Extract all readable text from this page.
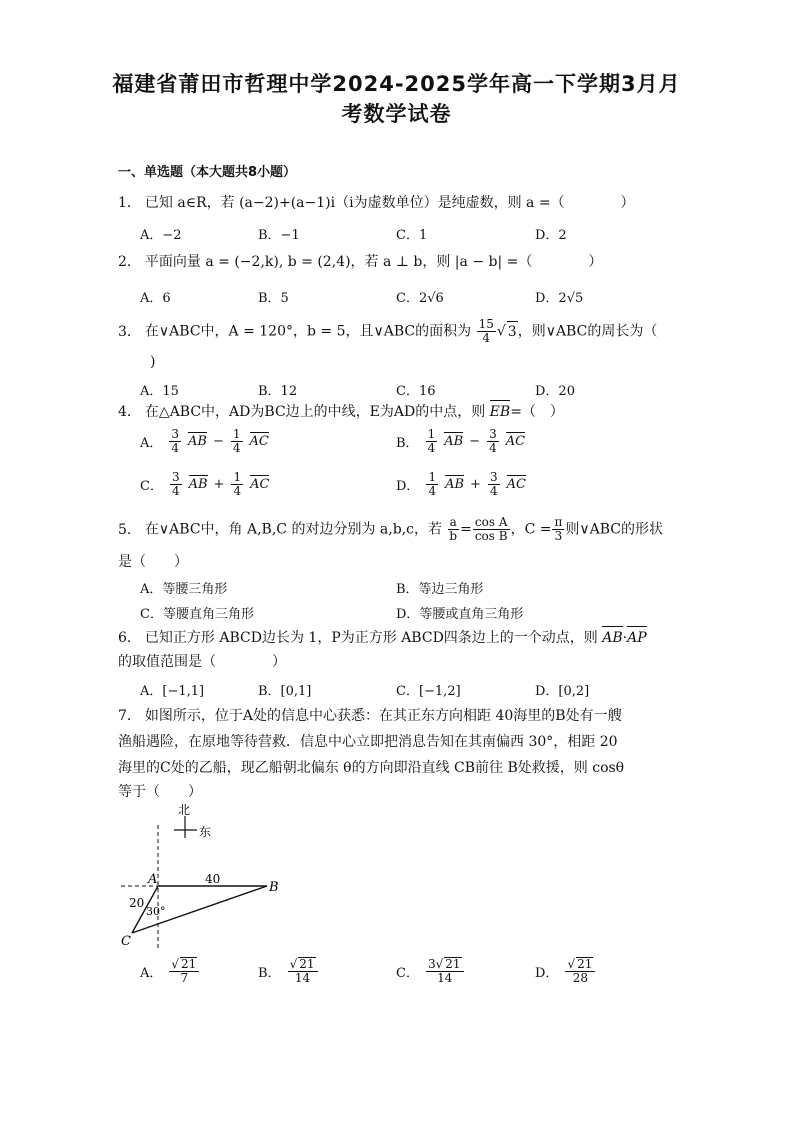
福建省莆田市哲理中学2024-2025学年高一下学期3月月
考数学试卷
一、单选题（本大题共8小题）
1． 已知 a∈R，若 (a−2)+(a−1)i（i为虚数单位）是纯虚数，则 a =（　　　　）
A．−2	B．−1	C．1	D．2
2． 平面向量 a = (−2,k), b = (2,4)，若 a ⊥ b，则 |a − b| =（　　　　）
A．6	B．5	C．2√6	D．2√5
3． 在∨ABC中，A = 120°，b = 5，且∨ABC的面积为 $\frac{15}{4}$ √ 3，则∨ABC的周长为（
)
A．15	B．12	C．16	D．20
4． 在△ABC中，AD为BC边上的中线，E为AD的中点，则 EB=（　）
A． $\frac{3}{4}$ AB − $\frac{1}{4}$ AC	B． $\frac{1}{4}$ AB − $\frac{3}{4}$ AC
C． $\frac{3}{4}$ AB + $\frac{1}{4}$ AC	D． $\frac{1}{4}$ AB + $\frac{3}{4}$ AC
5． 在∨ABC中，角 A,B,C 的对边分别为 a,b,c，若 $\frac{a}{b} = \frac{\text{cos A}}{\text{cos B}}$ ，$C = \frac{\pi}{3}$ 则∨ABC的形状
是（　　）
A．等腰三角形	B．等边三角形
C．等腰直角三角形	D．等腰或直角三角形
6． 已知正方形 ABCD边长为 1，P为正方形 ABCD四条边上的一个动点，则 AB·AP
的取值范围是（　　　　）
A．[−1,1]	B．[0,1]	C．[−1,2]	D．[0,2]
7． 如图所示，位于A处的信息中心获悉：在其正东方向相距 40海里的B处有一艘
渔船遇险，在原地等待营救．信息中心立即把消息告知在其南偏西 30°，相距 20
海里的C处的乙船，现乙船朝北偏东 θ的方向即沿直线 CB前往 B处救援，则 cosθ
等于（　　）
北
东
A
B
C
40
20
30°
A． $\frac{√ 21}{7}$	B． $\frac{√ 21}{14}$	C． $\frac{3√ 21}{14}$	D． $\frac{√ 21}{28}$
